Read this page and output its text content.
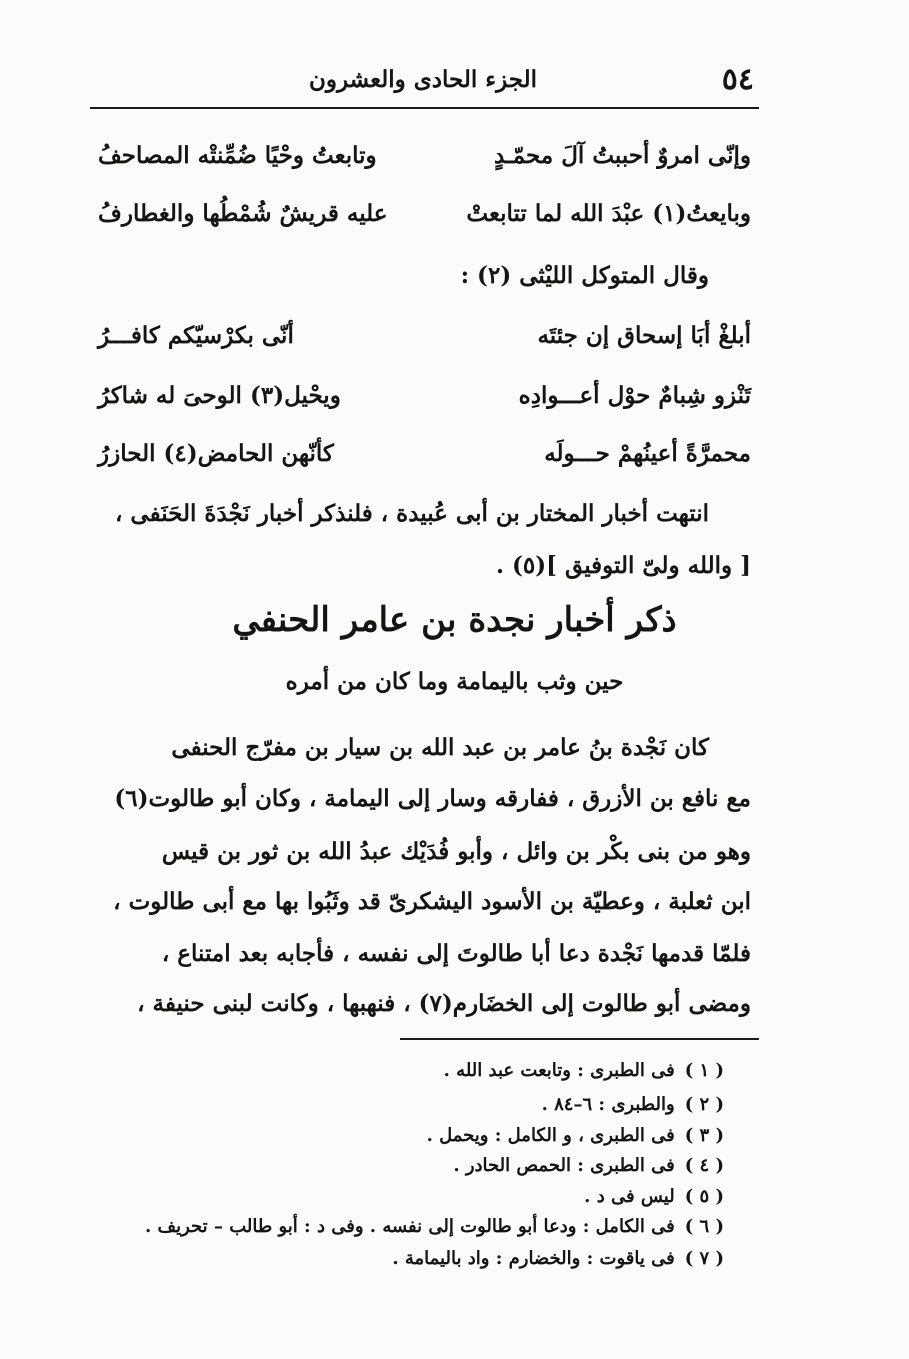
٥٤
الجزء الحادى والعشرون
وإنّى امروٌ أحببتُ آلَ محمّـدٍ
وتابعتُ وحْيًا ضُمِّنتْه المصاحفُ
وبايعتُ(١) عبْدَ الله لما تتابعتْ
عليه قريشٌ شُمْطُها والغطارفُ
وقال المتوكل الليْثى (٢) :
أبلغْ أبَا إسحاق إن جئتَه
أنّى بكرْسيّكم كافـــرُ
تَنْزو شِبامٌ حوْل أعـــوادِه
ويحْيل(٣) الوحىَ له شاكرُ
محمرَّةً أعينُهمْ حـــولَه
كأنّهن الحامض(٤) الحازرُ
انتهت أخبار المختار بن أبى عُبيدة ، فلنذكر أخبار نَجْدَةَ الحَنَفى ،
[ والله ولىّ التوفيق ](٥) .
ذكر أخبار نجدة بن عامر الحنفي
حين وثب باليمامة وما كان من أمره
كان نَجْدة بنُ عامر بن عبد الله بن سيار بن مفرّج الحنفى
مع نافع بن الأزرق ، ففارقه وسار إلى اليمامة ، وكان أبو طالوت(٦)
وهو من بنى بكْر بن وائل ، وأبو فُدَيْك عبدُ الله بن ثور بن قيس
ابن ثعلبة ، وعطيّة بن الأسود اليشكرىّ قد وثَبُوا بها مع أبى طالوت ،
فلمّا قدمها نَجْدة دعا أبا طالوتَ إلى نفسه ، فأجابه بعد امتناع ،
ومضى أبو طالوت إلى الخضَارم(٧) ، فنهبها ، وكانت لبنى حنيفة ،
( ١ )فى الطبرى : وتابعت عبد الله .
( ٢ )والطبرى : ٦–٨٤ .
( ٣ )فى الطبرى ، و الكامل : ويحمل .
( ٤ )فى الطبرى : الحمص الحادر .
( ٥ )ليس فى د .
( ٦ )فى الكامل : ودعا أبو طالوت إلى نفسه . وفى د : أبو طالب – تحريف .
( ٧ )فى ياقوت : والخضارم : واد باليمامة .
